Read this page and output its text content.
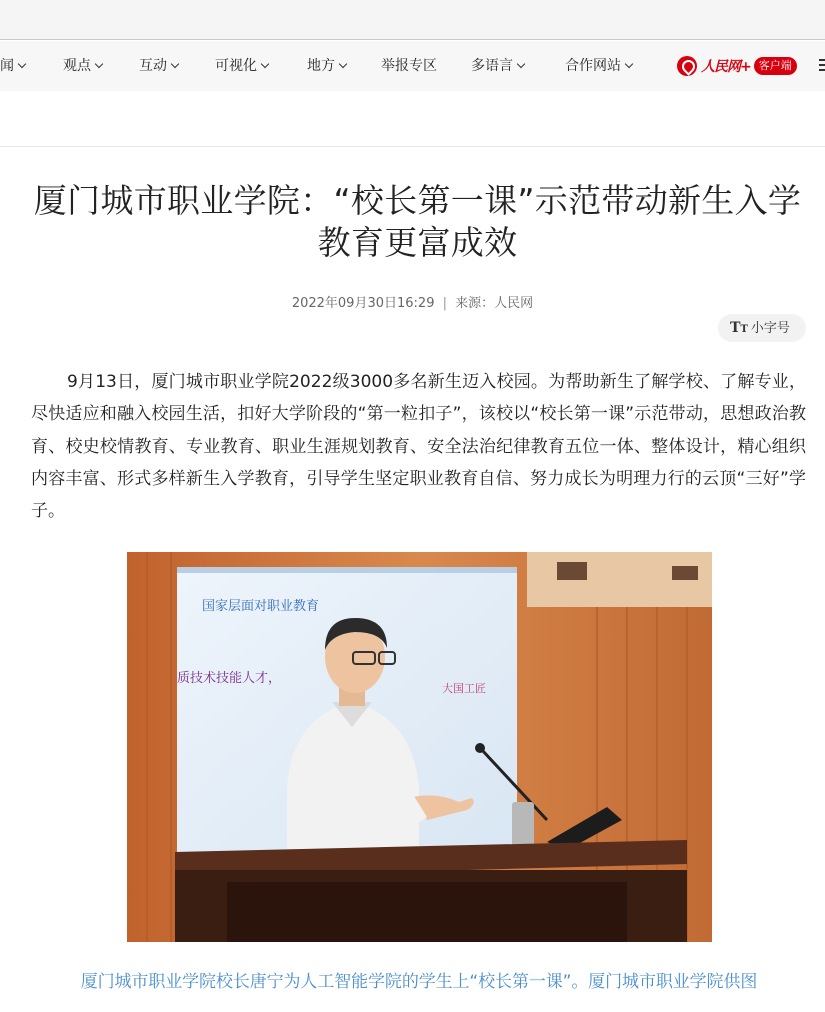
闻	观点	互动	可视化	地方	举报专区 多语言	合作网站	人民网+ 客户端
厦门城市职业学院：“校长第一课”示范带动新生入学教育更富成效
2022年09月30日16:29 | 来源：人民网
TT 小字号

9月13日，厦门城市职业学院2022级3000多名新生迈入校园。为帮助新生了解学校、了解专业，尽快适应和融入校园生活，扣好大学阶段的“第一粒扣子”，该校以“校长第一课”示范带动，思想政治教育、校史校情教育、专业教育、职业生涯规划教育、安全法治纪律教育五位一体、整体设计，精心组织内容丰富、形式多样新生入学教育，引导学生坚定职业教育自信、努力成长为明理力行的云顶“三好”学子。

国家层面对职业教育
质技术技能人才，
大国工匠

厦门城市职业学院校长唐宁为人工智能学院的学生上“校长第一课”。厦门城市职业学院供图
